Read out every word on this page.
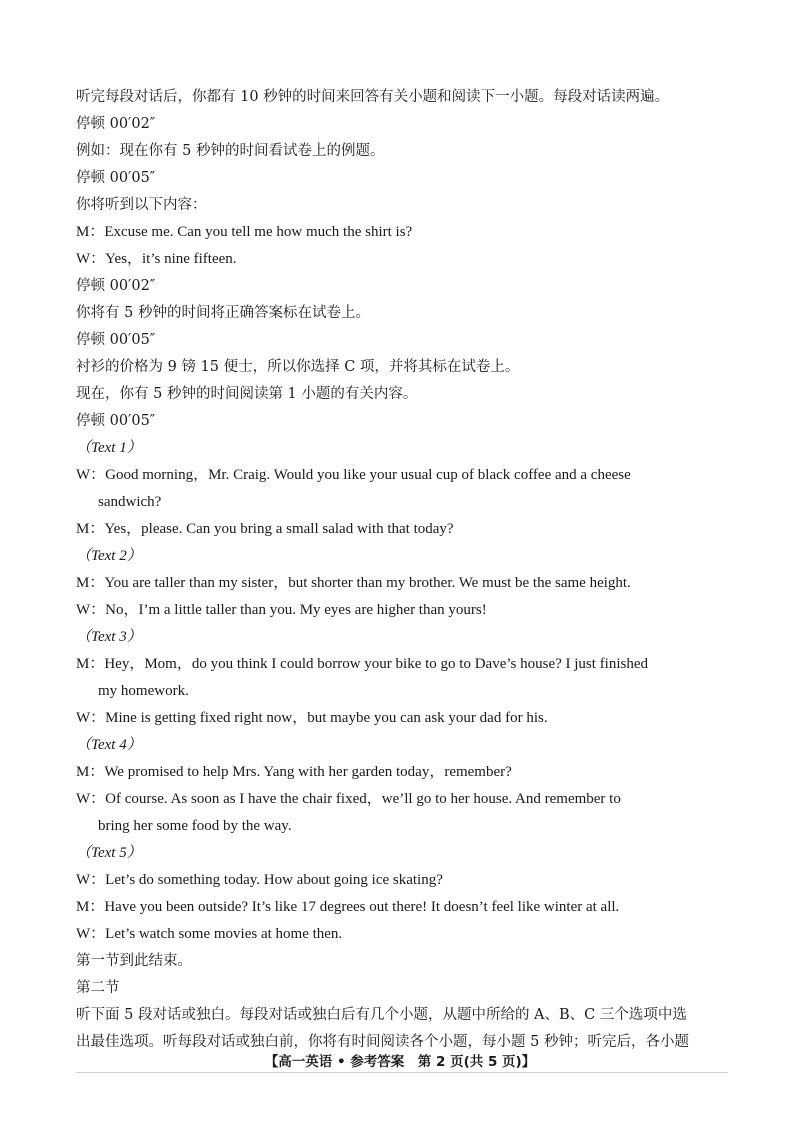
听完每段对话后，你都有 10 秒钟的时间来回答有关小题和阅读下一小题。每段对话读两遍。
停顿 00′02″
例如：现在你有 5 秒钟的时间看试卷上的例题。
停顿 00′05″
你将听到以下内容：
M：Excuse me. Can you tell me how much the shirt is?
W：Yes，it’s nine fifteen.
停顿 00′02″
你将有 5 秒钟的时间将正确答案标在试卷上。
停顿 00′05″
衬衫的价格为 9 镑 15 便士，所以你选择 C 项，并将其标在试卷上。
现在，你有 5 秒钟的时间阅读第 1 小题的有关内容。
停顿 00′05″
（Text 1）
W：Good morning，Mr. Craig. Would you like your usual cup of black coffee and a cheese
sandwich?
M：Yes，please. Can you bring a small salad with that today?
（Text 2）
M：You are taller than my sister，but shorter than my brother. We must be the same height.
W：No，I’m a little taller than you. My eyes are higher than yours!
（Text 3）
M：Hey，Mom，do you think I could borrow your bike to go to Dave’s house? I just finished
my homework.
W：Mine is getting fixed right now，but maybe you can ask your dad for his.
（Text 4）
M：We promised to help Mrs. Yang with her garden today，remember?
W：Of course. As soon as I have the chair fixed，we’ll go to her house. And remember to
bring her some food by the way.
（Text 5）
W：Let’s do something today. How about going ice skating?
M：Have you been outside? It’s like 17 degrees out there! It doesn’t feel like winter at all.
W：Let’s watch some movies at home then.
第一节到此结束。
第二节
听下面 5 段对话或独白。每段对话或独白后有几个小题，从题中所给的 A、B、C 三个选项中选
出最佳选项。听每段对话或独白前，你将有时间阅读各个小题，每小题 5 秒钟；听完后，各小题
【高一英语 • 参考答案　第 2 页(共 5 页)】
